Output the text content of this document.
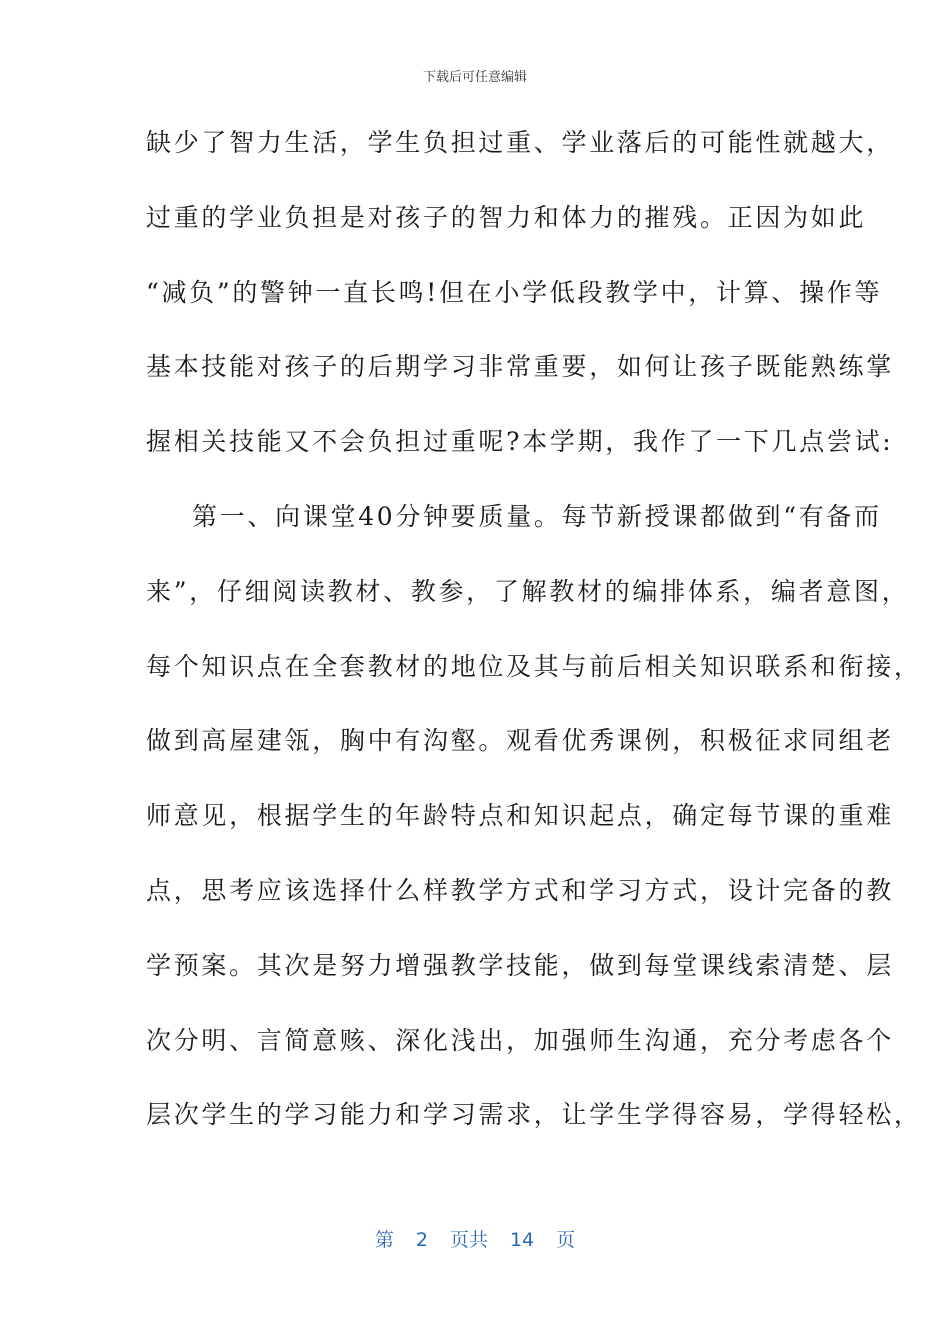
下载后可任意编辑
缺少了智力生活，学生负担过重、学业落后的可能性就越大，
过重的学业负担是对孩子的智力和体力的摧残。正因为如此
“减负”的警钟一直长鸣!但在小学低段教学中，计算、操作等
基本技能对孩子的后期学习非常重要，如何让孩子既能熟练掌
握相关技能又不会负担过重呢?本学期，我作了一下几点尝试:
第一、向课堂40分钟要质量。每节新授课都做到“有备而
来”，仔细阅读教材、教参，了解教材的编排体系，编者意图，
每个知识点在全套教材的地位及其与前后相关知识联系和衔接，
做到高屋建瓴，胸中有沟壑。观看优秀课例，积极征求同组老
师意见，根据学生的年龄特点和知识起点，确定每节课的重难
点，思考应该选择什么样教学方式和学习方式，设计完备的教
学预案。其次是努力增强教学技能，做到每堂课线索清楚、层
次分明、言简意赅、深化浅出，加强师生沟通，充分考虑各个
层次学生的学习能力和学习需求，让学生学得容易，学得轻松，
第 2 页共 14 页
